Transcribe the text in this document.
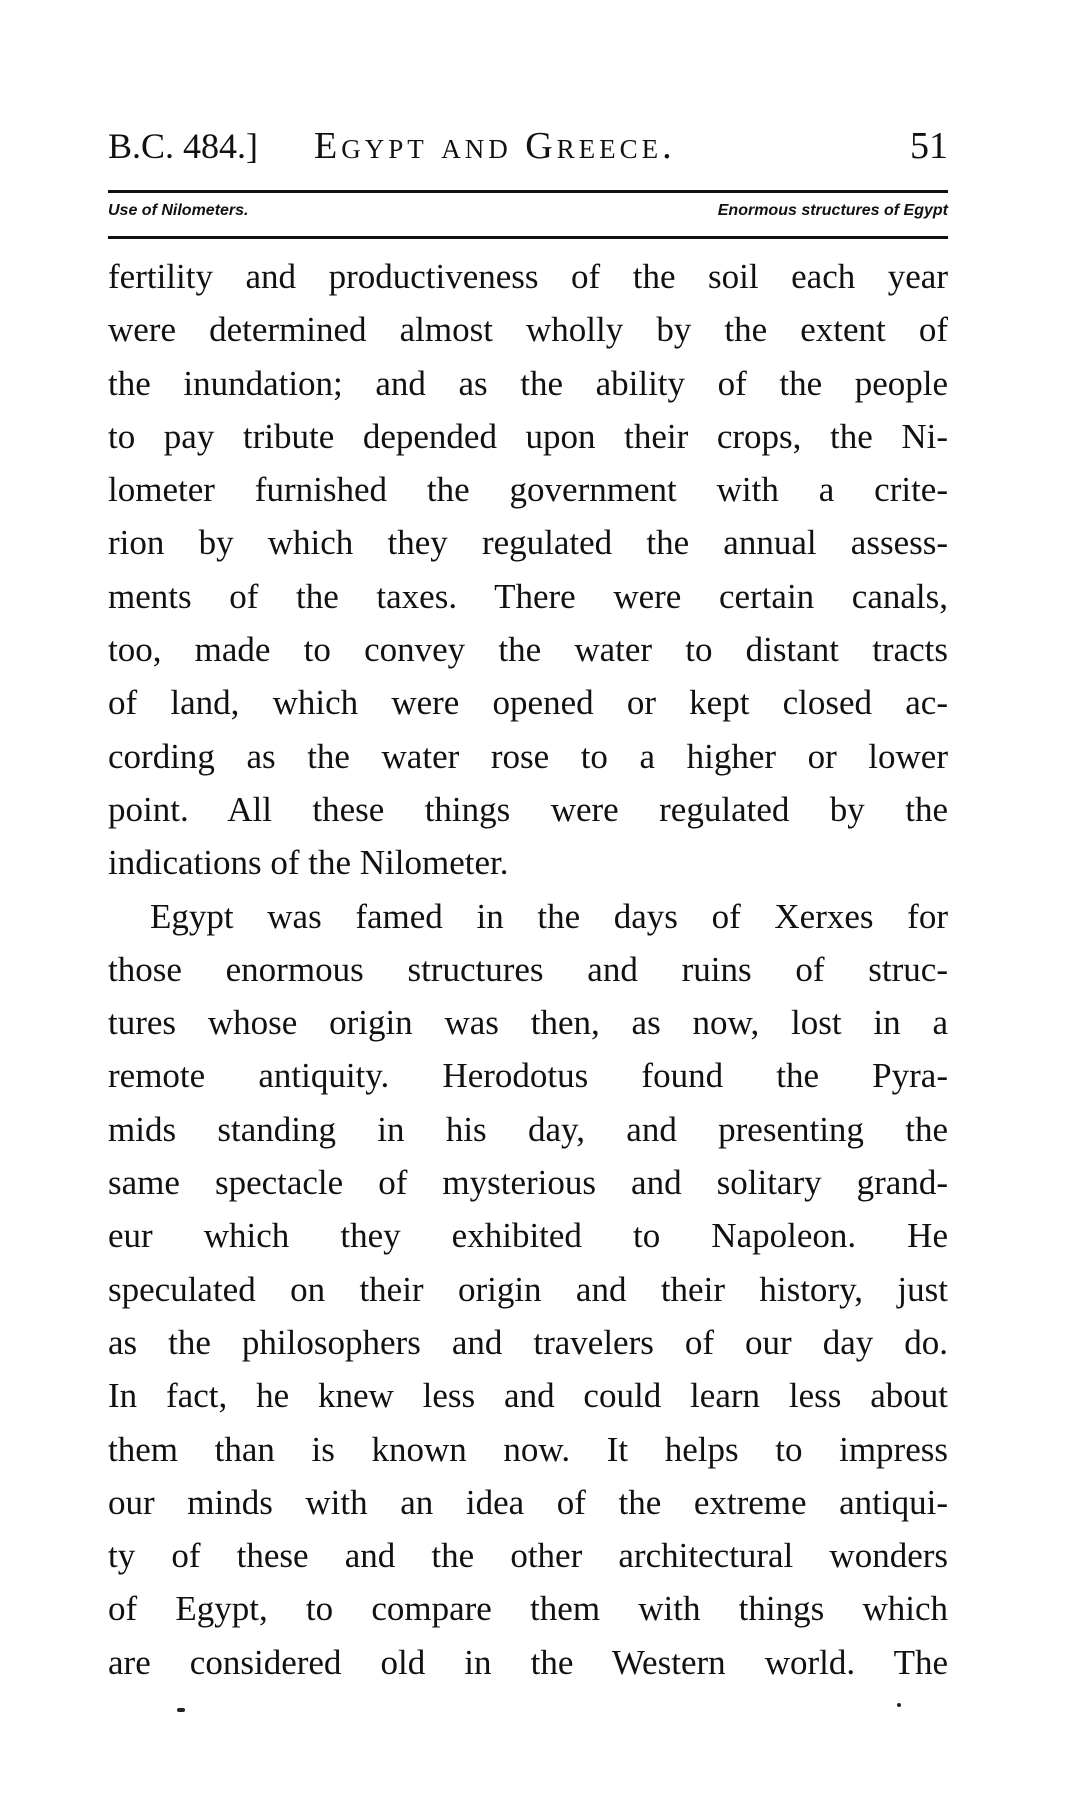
B.C. 484.] Egypt and Greece.	51
Use of Nilometers.	Enormous structures of Egypt
fertility and productiveness of the soil each year
were determined almost wholly by the extent of
the inundation; and as the ability of the people
to pay tribute depended upon their crops, the Ni-
lometer furnished the government with a crite-
rion by which they regulated the annual assess-
ments of the taxes. There were certain canals,
too, made to convey the water to distant tracts
of land, which were opened or kept closed ac-
cording as the water rose to a higher or lower
point. All these things were regulated by the
indications of the Nilometer.
Egypt was famed in the days of Xerxes for
those enormous structures and ruins of struc-
tures whose origin was then, as now, lost in a
remote antiquity. Herodotus found the Pyra-
mids standing in his day, and presenting the
same spectacle of mysterious and solitary grand-
eur which they exhibited to Napoleon. He
speculated on their origin and their history, just
as the philosophers and travelers of our day do.
In fact, he knew less and could learn less about
them than is known now. It helps to impress
our minds with an idea of the extreme antiqui-
ty of these and the other architectural wonders
of Egypt, to compare them with things which
are considered old in the Western world. The
